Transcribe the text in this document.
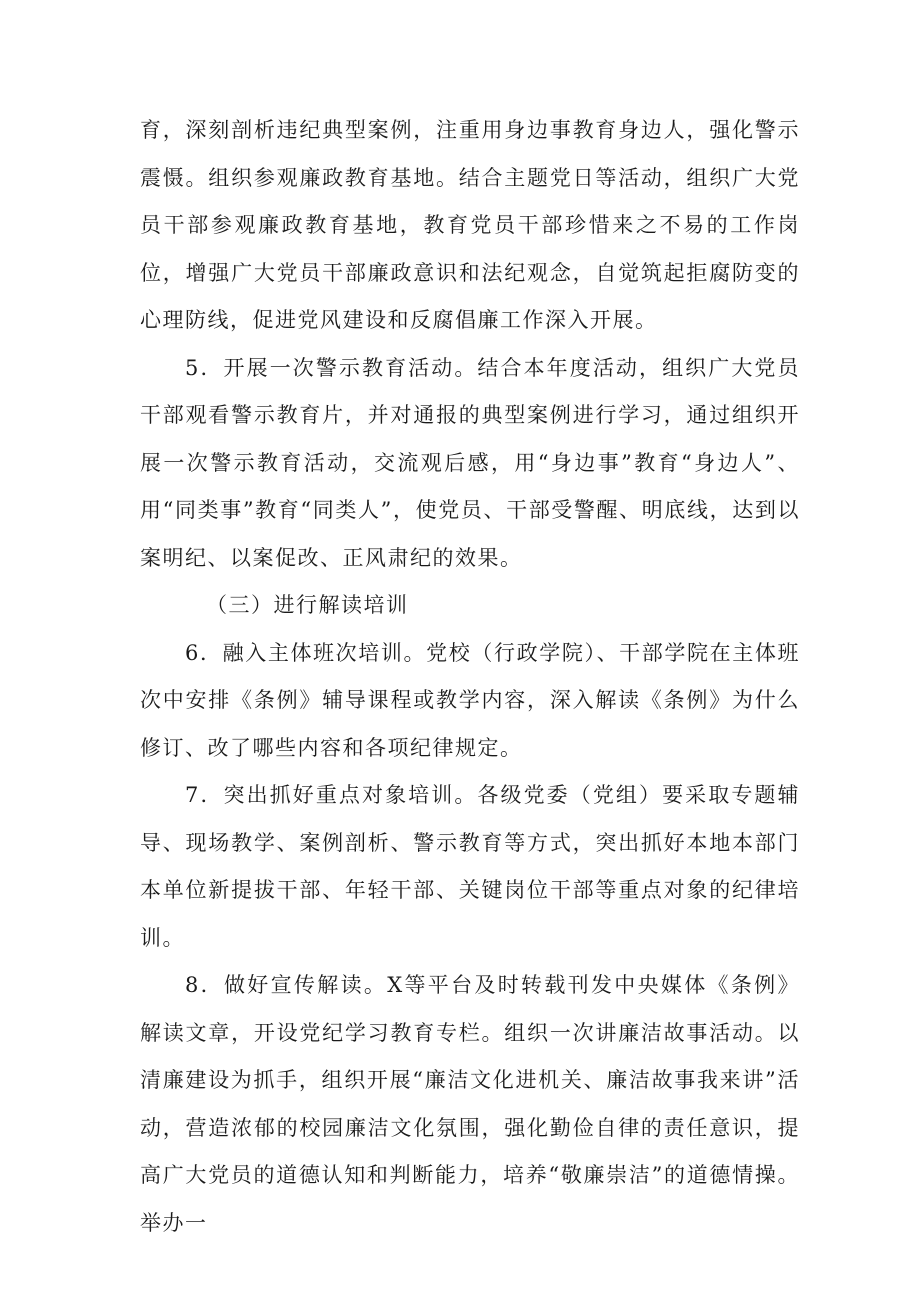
育，深刻剖析违纪典型案例，注重用身边事教育身边人，强化警示震慑。组织参观廉政教育基地。结合主题党日等活动，组织广大党员干部参观廉政教育基地，教育党员干部珍惜来之不易的工作岗位，增强广大党员干部廉政意识和法纪观念，自觉筑起拒腐防变的心理防线，促进党风建设和反腐倡廉工作深入开展。

5．开展一次警示教育活动。结合本年度活动，组织广大党员干部观看警示教育片，并对通报的典型案例进行学习，通过组织开展一次警示教育活动，交流观后感，用“身边事”教育“身边人”、用“同类事”教育“同类人”，使党员、干部受警醒、明底线，达到以案明纪、以案促改、正风肃纪的效果。

（三）进行解读培训

6．融入主体班次培训。党校（行政学院）、干部学院在主体班次中安排《条例》辅导课程或教学内容，深入解读《条例》为什么修订、改了哪些内容和各项纪律规定。

7．突出抓好重点对象培训。各级党委（党组）要采取专题辅导、现场教学、案例剖析、警示教育等方式，突出抓好本地本部门本单位新提拔干部、年轻干部、关键岗位干部等重点对象的纪律培训。

8．做好宣传解读。X等平台及时转载刊发中央媒体《条例》解读文章，开设党纪学习教育专栏。组织一次讲廉洁故事活动。以清廉建设为抓手，组织开展“廉洁文化进机关、廉洁故事我来讲”活动，营造浓郁的校园廉洁文化氛围，强化勤俭自律的责任意识，提高广大党员的道德认知和判断能力，培养“敬廉崇洁”的道德情操。举办一
